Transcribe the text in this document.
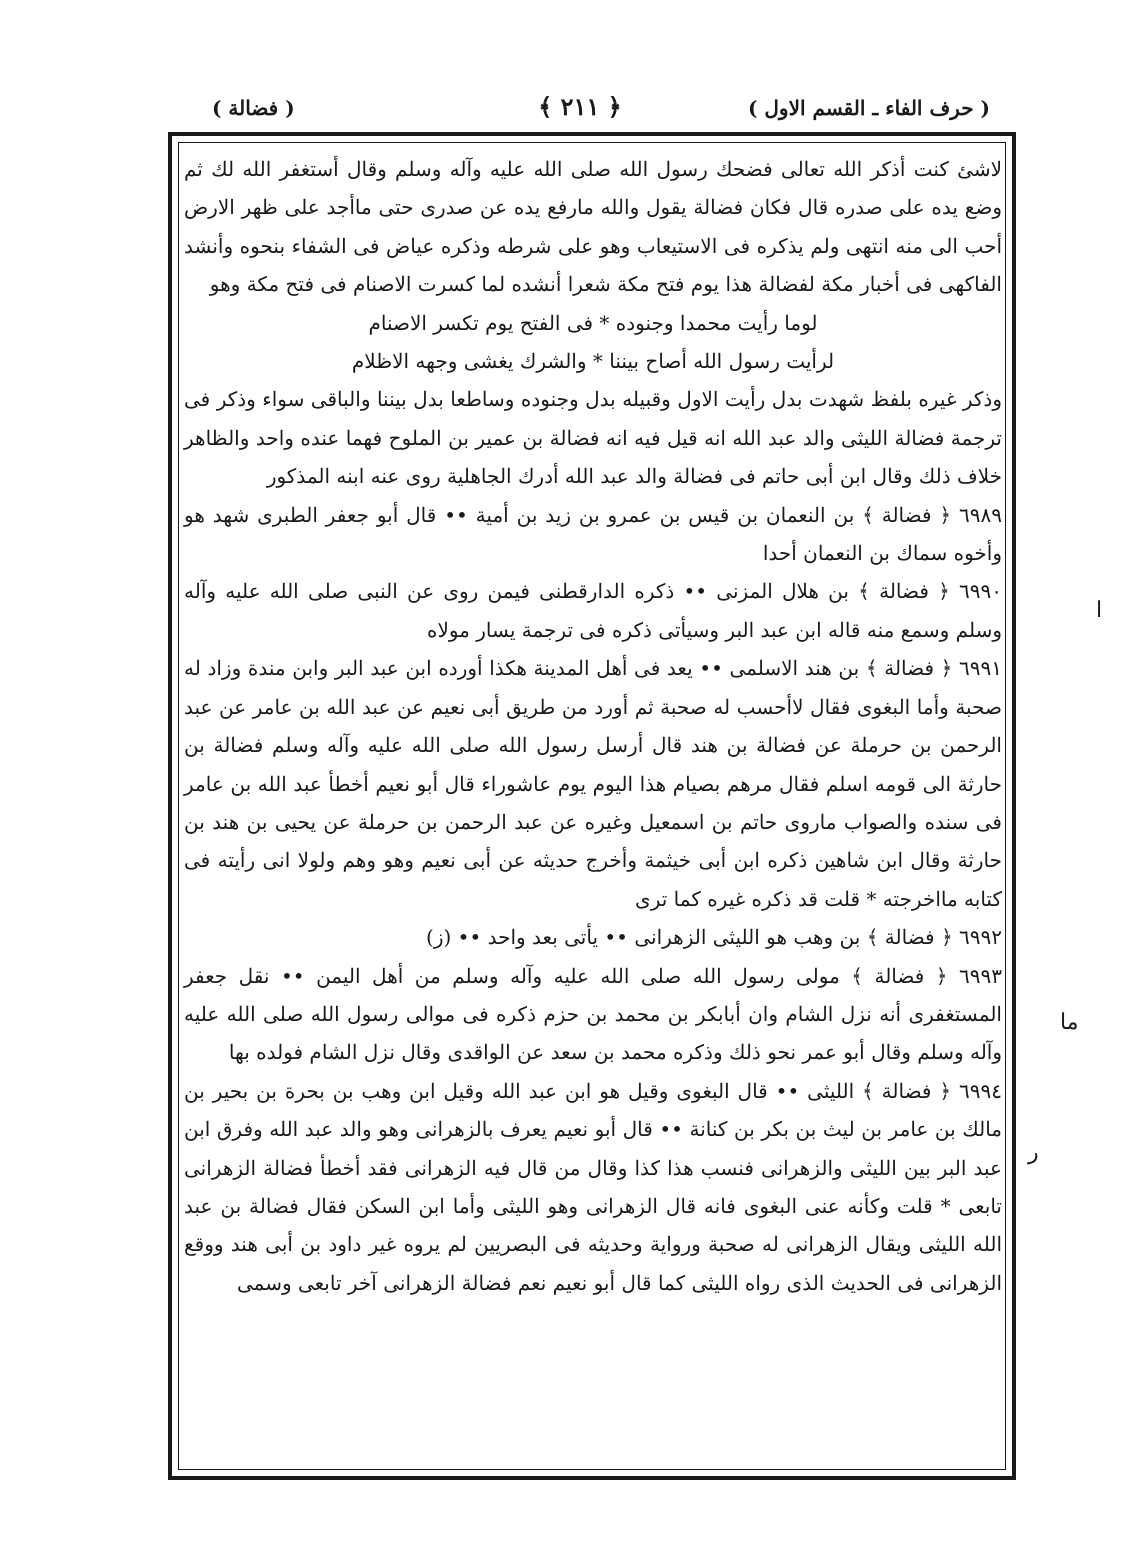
( حرف الفاء ـ القسم الاول )
﴿ ٢١١ ﴾
( فضالة )

لاشئ كنت أذكر الله تعالى فضحك رسول الله صلى الله عليه وآله وسلم وقال أستغفر الله لك ثم وضع يده على صدره قال فكان فضالة يقول والله مارفع يده عن صدرى حتى ماأجد على ظهر الارض أحب الى منه انتهى ولم يذكره فى الاستيعاب وهو على شرطه وذكره عياض فى الشفاء بنحوه وأنشد الفاكهى فى أخبار مكة لفضالة هذا يوم فتح مكة شعرا أنشده لما كسرت الاصنام فى فتح مكة وهو

لوما رأيت محمدا وجنوده * فى الفتح يوم تكسر الاصنام

لرأيت رسول الله أصاح بيننا * والشرك يغشى وجهه الاظلام

وذكر غيره بلفظ شهدت بدل رأيت الاول وقبيله بدل وجنوده وساطعا بدل بيننا والباقى سواء وذكر فى ترجمة فضالة الليثى والد عبد الله انه قيل فيه انه فضالة بن عمير بن الملوح فهما عنده واحد والظاهر خلاف ذلك وقال ابن أبى حاتم فى فضالة والد عبد الله أدرك الجاهلية روى عنه ابنه المذكور

٦٩٨٩ ﴿ فضالة ﴾ بن النعمان بن قيس بن عمرو بن زيد بن أمية •• قال أبو جعفر الطبرى شهد هو وأخوه سماك بن النعمان أحدا

٦٩٩٠ ﴿ فضالة ﴾ بن هلال المزنى •• ذكره الدارقطنى فيمن روى عن النبى صلى الله عليه وآله وسلم وسمع منه قاله ابن عبد البر وسيأتى ذكره فى ترجمة يسار مولاه

٦٩٩١ ﴿ فضالة ﴾ بن هند الاسلمى •• يعد فى أهل المدينة هكذا أورده ابن عبد البر وابن مندة وزاد له صحبة وأما البغوى فقال لاأحسب له صحبة ثم أورد من طريق أبى نعيم عن عبد الله بن عامر عن عبد الرحمن بن حرملة عن فضالة بن هند قال أرسل رسول الله صلى الله عليه وآله وسلم فضالة بن حارثة الى قومه اسلم فقال مرهم بصيام هذا اليوم يوم عاشوراء قال أبو نعيم أخطأ عبد الله بن عامر فى سنده والصواب ماروى حاتم بن اسمعيل وغيره عن عبد الرحمن بن حرملة عن يحيى بن هند بن حارثة وقال ابن شاهين ذكره ابن أبى خيثمة وأخرج حديثه عن أبى نعيم وهو وهم ولولا انى رأيته فى كتابه مااخرجته * قلت قد ذكره غيره كما ترى

٦٩٩٢ ﴿ فضالة ﴾ بن وهب هو الليثى الزهرانى •• يأتى بعد واحد •• (ز)

٦٩٩٣ ﴿ فضالة ﴾ مولى رسول الله صلى الله عليه وآله وسلم من أهل اليمن •• نقل جعفر المستغفرى أنه نزل الشام وان أبابكر بن محمد بن حزم ذكره فى موالى رسول الله صلى الله عليه وآله وسلم وقال أبو عمر نحو ذلك وذكره محمد بن سعد عن الواقدى وقال نزل الشام فولده بها

٦٩٩٤ ﴿ فضالة ﴾ الليثى •• قال البغوى وقيل هو ابن عبد الله وقيل ابن وهب بن بحرة بن بحير بن مالك بن عامر بن ليث بن بكر بن كنانة •• قال أبو نعيم يعرف بالزهرانى وهو والد عبد الله وفرق ابن عبد البر بين الليثى والزهرانى فنسب هذا كذا وقال من قال فيه الزهرانى فقد أخطأ فضالة الزهرانى تابعى * قلت وكأنه عنى البغوى فانه قال الزهرانى وهو الليثى وأما ابن السكن فقال فضالة بن عبد الله الليثى ويقال الزهرانى له صحبة ورواية وحديثه فى البصريين لم يروه غير داود بن أبى هند ووقع الزهرانى فى الحديث الذى رواه الليثى كما قال أبو نعيم نعم فضالة الزهرانى آخر تابعى وسمى

ا
ما
ر
